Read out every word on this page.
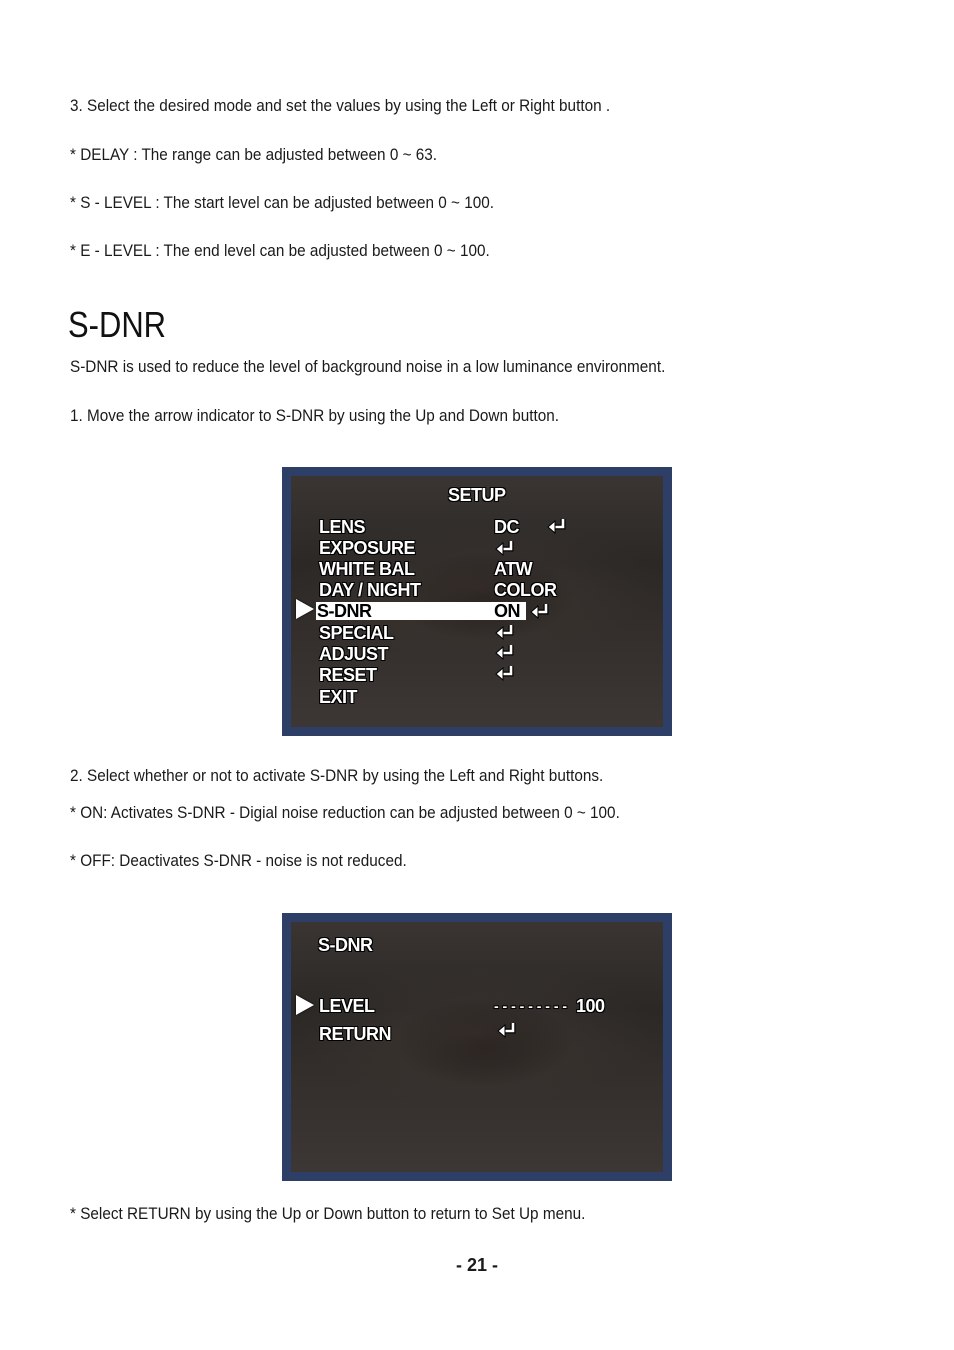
3. Select the desired mode and set the values by using the Left or Right button .
* DELAY : The range can be adjusted between 0 ~ 63.
* S - LEVEL : The start level can be adjusted between 0 ~ 100.
* E - LEVEL : The end level can be adjusted between 0 ~ 100.
S-DNR
S-DNR is used to reduce the level of background noise in a low luminance environment.
1. Move the arrow indicator to S-DNR by using the Up and Down button.
SETUP
LENS	DC
EXPOSURE
WHITE BAL	ATW
DAY / NIGHT	COLOR
S-DNR	ON
SPECIAL
ADJUST
RESET
EXIT
2. Select whether or not to activate S-DNR by using the Left and Right buttons.
* ON: Activates S-DNR - Digial noise reduction can be adjusted between 0 ~ 100.
* OFF: Deactivates S-DNR - noise is not reduced.
S-DNR
LEVEL	- - - - - - - - - 100
RETURN
* Select RETURN by using the Up or Down button to return to Set Up menu.
- 21 -
